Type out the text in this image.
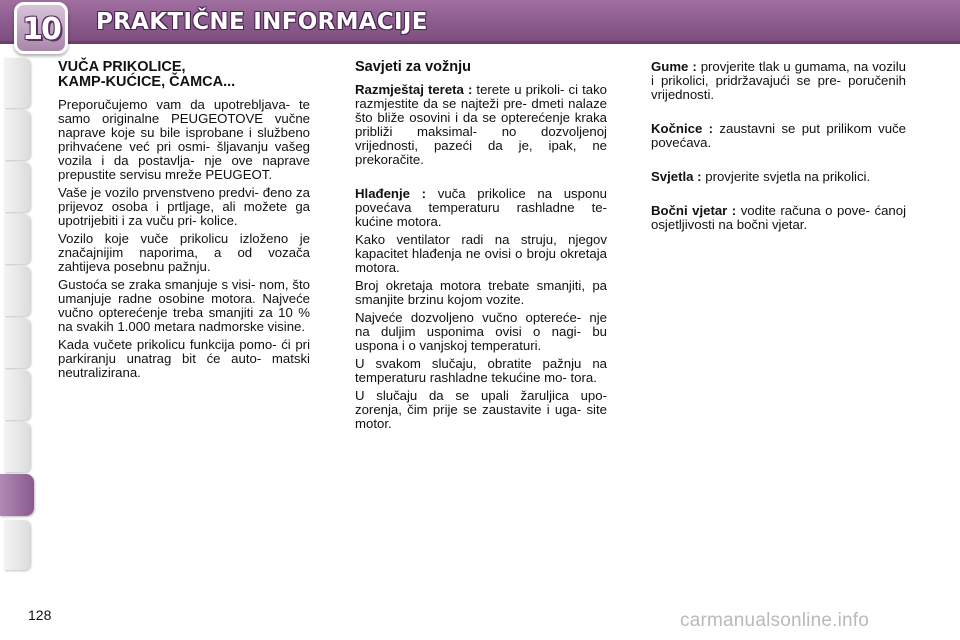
10 PRAKTIČNE INFORMACIJE
VUČA PRIKOLICE,
KAMP-KUĆICE, ČAMCA...

Preporučujemo vam da upotrebljava- te samo originalne PEUGEOTOVE vučne naprave koje su bile isprobane i službeno prihvaćene već pri osmi- šljavanju vašeg vozila i da postavlja- nje ove naprave prepustite servisu mreže PEUGEOT.

Vaše je vozilo prvenstveno predvi- đeno za prijevoz osoba i prtljage, ali možete ga upotrijebiti i za vuču pri- kolice.

Vozilo koje vuče prikolicu izloženo je značajnijim naporima, a od vozača zahtijeva posebnu pažnju.

Gustoća se zraka smanjuje s visi- nom, što umanjuje radne osobine motora. Najveće vučno opterećenje treba smanjiti za 10 % na svakih 1.000 metara nadmorske visine.

Kada vučete prikolicu funkcija pomo- ći pri parkiranju unatrag bit će auto- matski neutralizirana.

Savjeti za vožnju

Razmještaj tereta : terete u prikoli- ci tako razmjestite da se najteži pre- dmeti nalaze što bliže osovini i da se opterećenje kraka približi maksimal- no dozvoljenoj vrijednosti, pazeći da je, ipak, ne prekoračite.

Hlađenje : vuča prikolice na usponu povećava temperaturu rashladne te- kućine motora.

Kako ventilator radi na struju, njegov kapacitet hlađenja ne ovisi o broju okretaja motora.

Broj okretaja motora trebate smanjiti, pa smanjite brzinu kojom vozite.

Najveće dozvoljeno vučno optereće- nje na duljim usponima ovisi o nagi- bu uspona i o vanjskoj temperaturi.

U svakom slučaju, obratite pažnju na temperaturu rashladne tekućine mo- tora.

U slučaju da se upali žaruljica upo- zorenja, čim prije se zaustavite i uga- site motor.

Gume : provjerite tlak u gumama, na vozilu i prikolici, pridržavajući se pre- poručenih vrijednosti.

Kočnice : zaustavni se put prilikom vuče povećava.

Svjetla : provjerite svjetla na prikolici.

Bočni vjetar : vodite računa o pove- ćanoj osjetljivosti na bočni vjetar.

128	carmanualsonline.info
